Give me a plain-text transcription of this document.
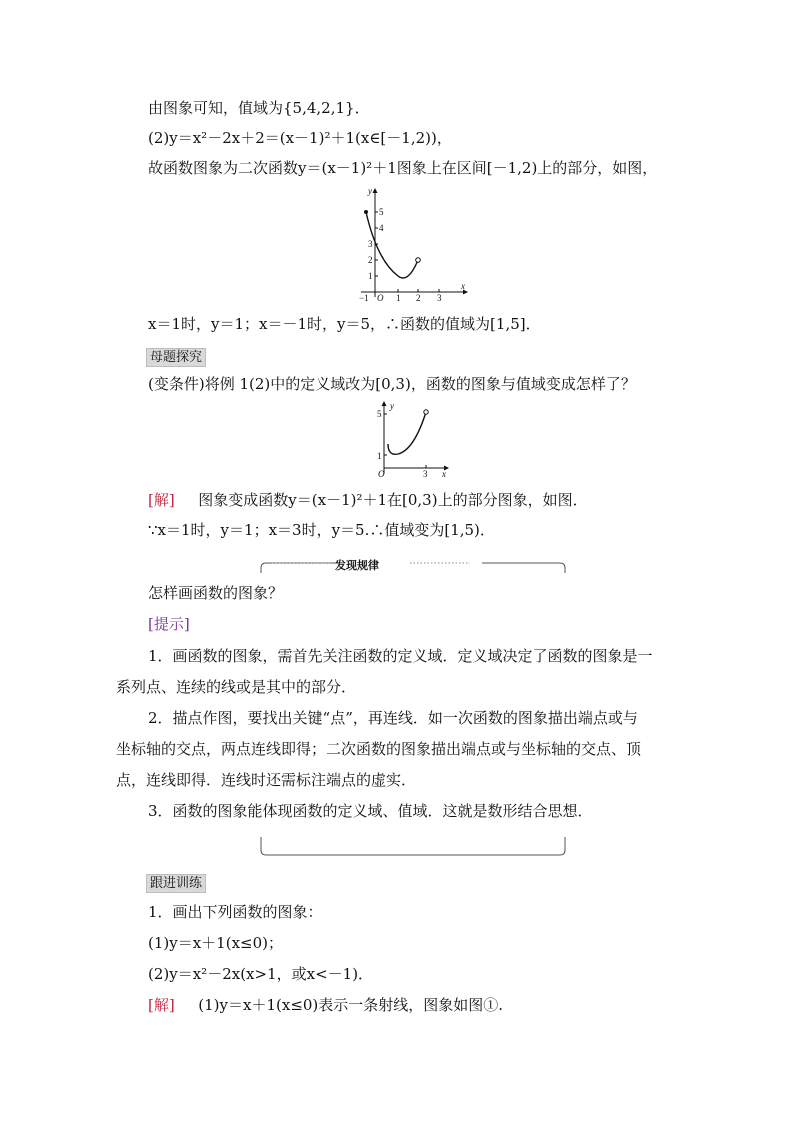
由图象可知，值域为{5,4,2,1}．
(2)y＝x²－2x＋2＝(x－1)²＋1(x∈[－1,2))，
故函数图象为二次函数y＝(x－1)²＋1图象上在区间[－1,2)上的部分，如图，
y
x
O
5
4
3
2
1
−1	1 2 3
x＝1时，y＝1；x＝－1时，y＝5，∴函数的值域为[1,5]．
母题探究
(变条件)将例 1(2)中的定义域改为[0,3)，函数的图象与值域变成怎样了？
y
x
O
5
1
3
[解] 图象变成函数y＝(x－1)²＋1在[0,3)上的部分图象，如图．
∵x＝1时，y＝1；x＝3时，y＝5.∴值域变为[1,5)．
发现规律
怎样画函数的图象？
[提示]
1．画函数的图象，需首先关注函数的定义域．定义域决定了函数的图象是一
系列点、连续的线或是其中的部分．
2．描点作图，要找出关键“点”，再连线．如一次函数的图象描出端点或与
坐标轴的交点，两点连线即得；二次函数的图象描出端点或与坐标轴的交点、顶
点，连线即得．连线时还需标注端点的虚实．
3．函数的图象能体现函数的定义域、值域．这就是数形结合思想．
跟进训练
1．画出下列函数的图象：
(1)y＝x＋1(x≤0)；
(2)y＝x²－2x(x>1，或x<－1)．
[解] (1)y＝x＋1(x≤0)表示一条射线，图象如图①.
